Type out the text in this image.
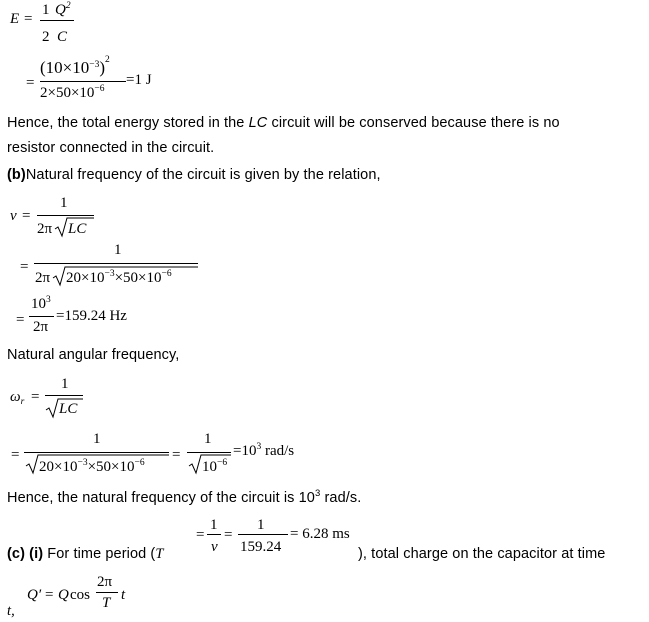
E =
1 $Q^2$
2 C
=
$(10\times 10^{-3})^2$
$2\times 50\times 10^{-6}$
=1 J
Hence, the total energy stored in the LC circuit will be conserved because there is no
resistor connected in the circuit.
(b)Natural frequency of the circuit is given by the relation,
ν =
1
2π LC
=
1
2π $20\times 10^{-3}\times 50\times 10^{-6}$
=
$10^3$
2π
=159.24 Hz
Natural angular frequency,
$\omega_r$ =
1
LC
=
1
$20\times 10^{-3}\times 50\times 10^{-6}$ =
1
$10^{-6}$
$=10^3$ rad/s
Hence, the natural frequency of the circuit is $10^3$ rad/s.
=
1
ν
=
1
159.24
= 6.28 ms
(c) (i) For time period (T	), total charge on the capacitor at time
Q′ = Q cos
2π
T t
t,
